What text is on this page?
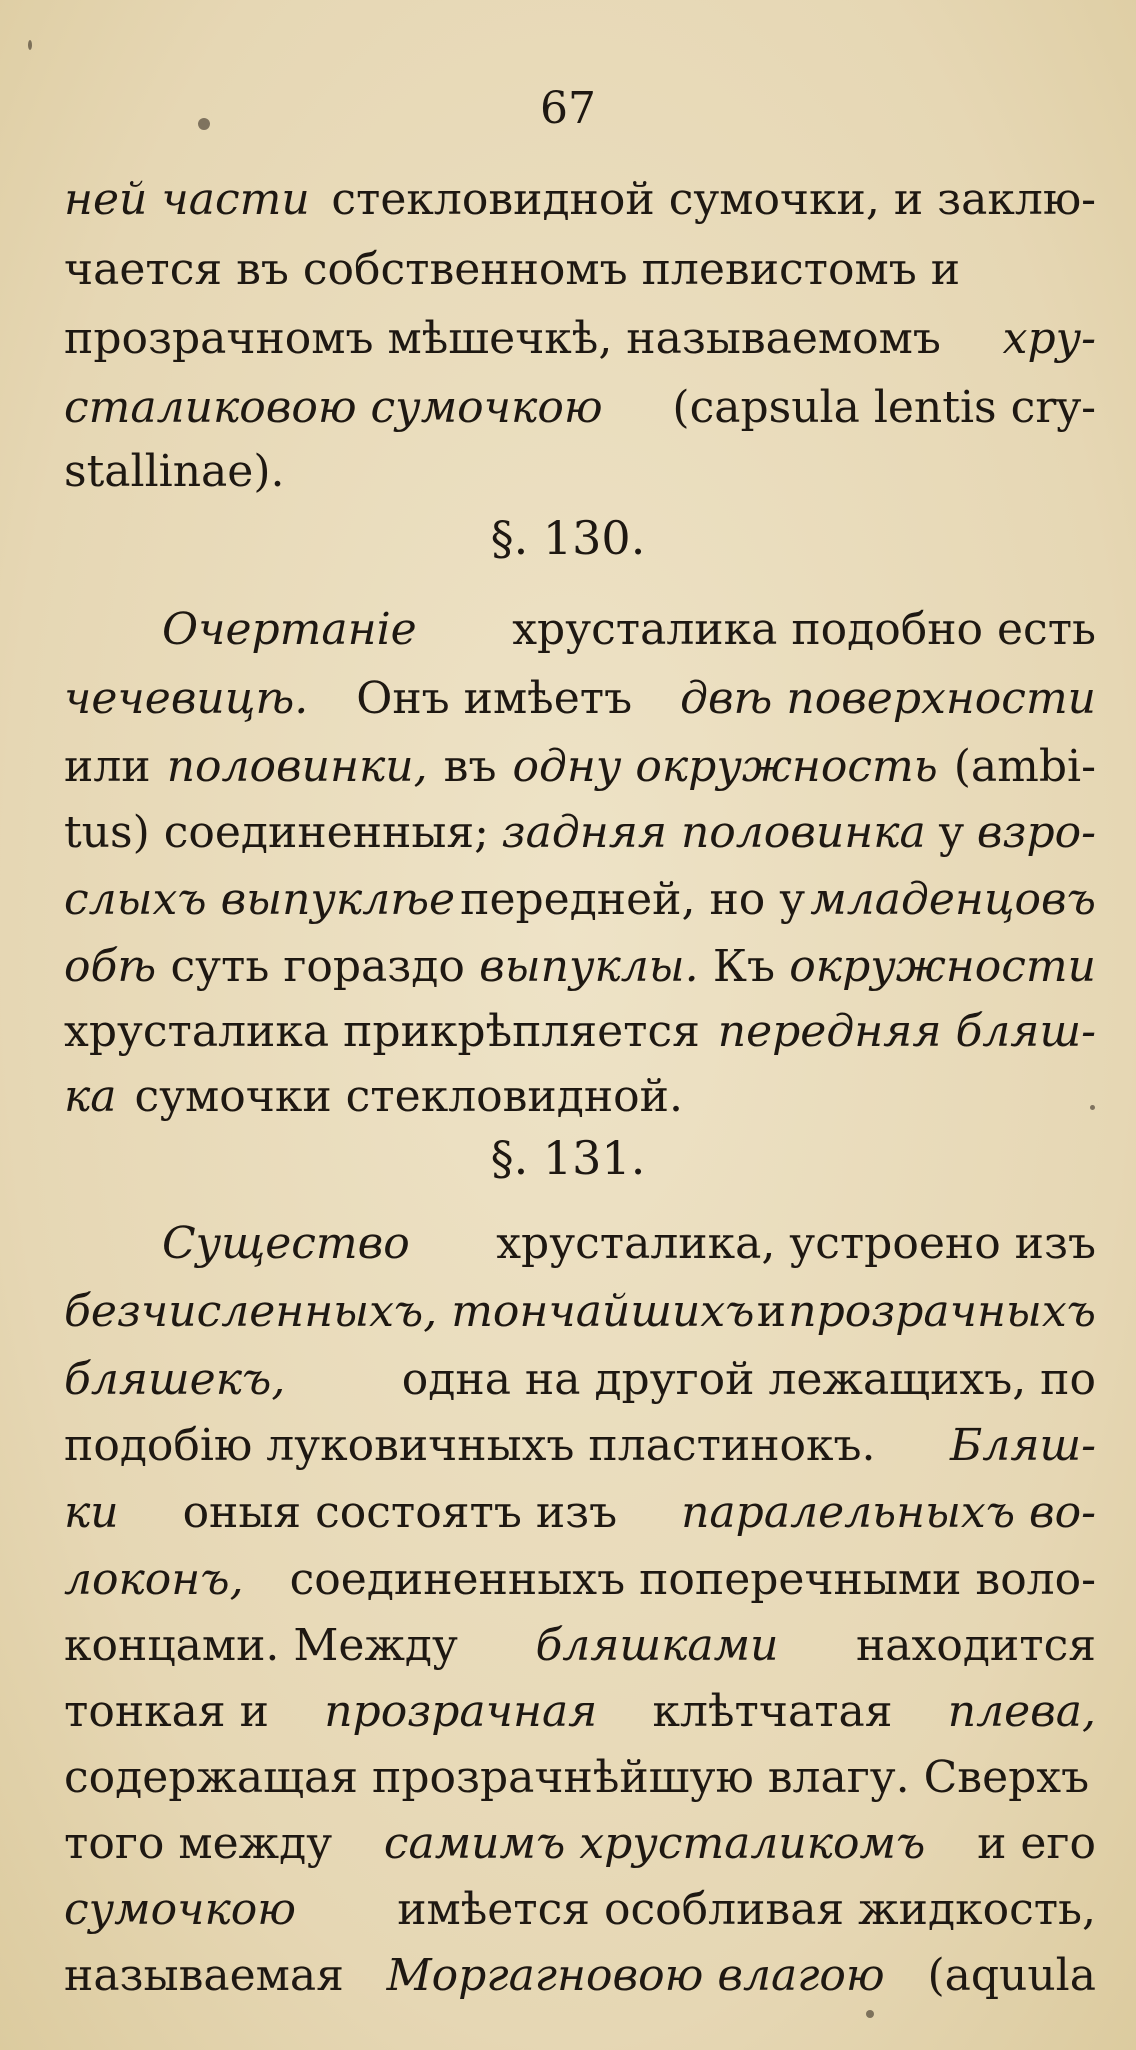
67
ней части стекловидной сумочки, и заклю-
чается въ собственномъ плевистомъ и
прозрачномъ мѣшечкѣ, называемомъ хру-
сталиковою сумочкою (capsula lentis cry-
stallinae).
§. 130.
Очертаніе хрусталика подобно есть
чечевицѣ. Онъ имѣетъ двѣ поверхности
или половинки, въ одну окружность (ambi-
tus) соединенныя; задняя половинка у взро-
слыхъ выпуклѣе передней, но у младенцовъ
обѣ суть гораздо выпуклы. Къ окружности
хрусталика прикрѣпляется передняя бляш-
ка сумочки стекловидной.
§. 131.
Существо хрусталика, устроено изъ
безчисленныхъ, тончайшихъ и прозрачныхъ
бляшекъ,	одна на другой лежащихъ, по
подобію луковичныхъ пластинокъ. Бляш-
ки оныя состоятъ изъ паралельныхъ во-
локонъ, соединенныхъ поперечными воло-
концами. Между бляшками находится
тонкая и прозрачная клѣтчатая плева,
содержащая прозрачнѣйшую влагу. Сверхъ
того между самимъ хрусталикомъ и его
сумочкою имѣется особливая жидкость,
называемая Моргагновою влагою (aquula
